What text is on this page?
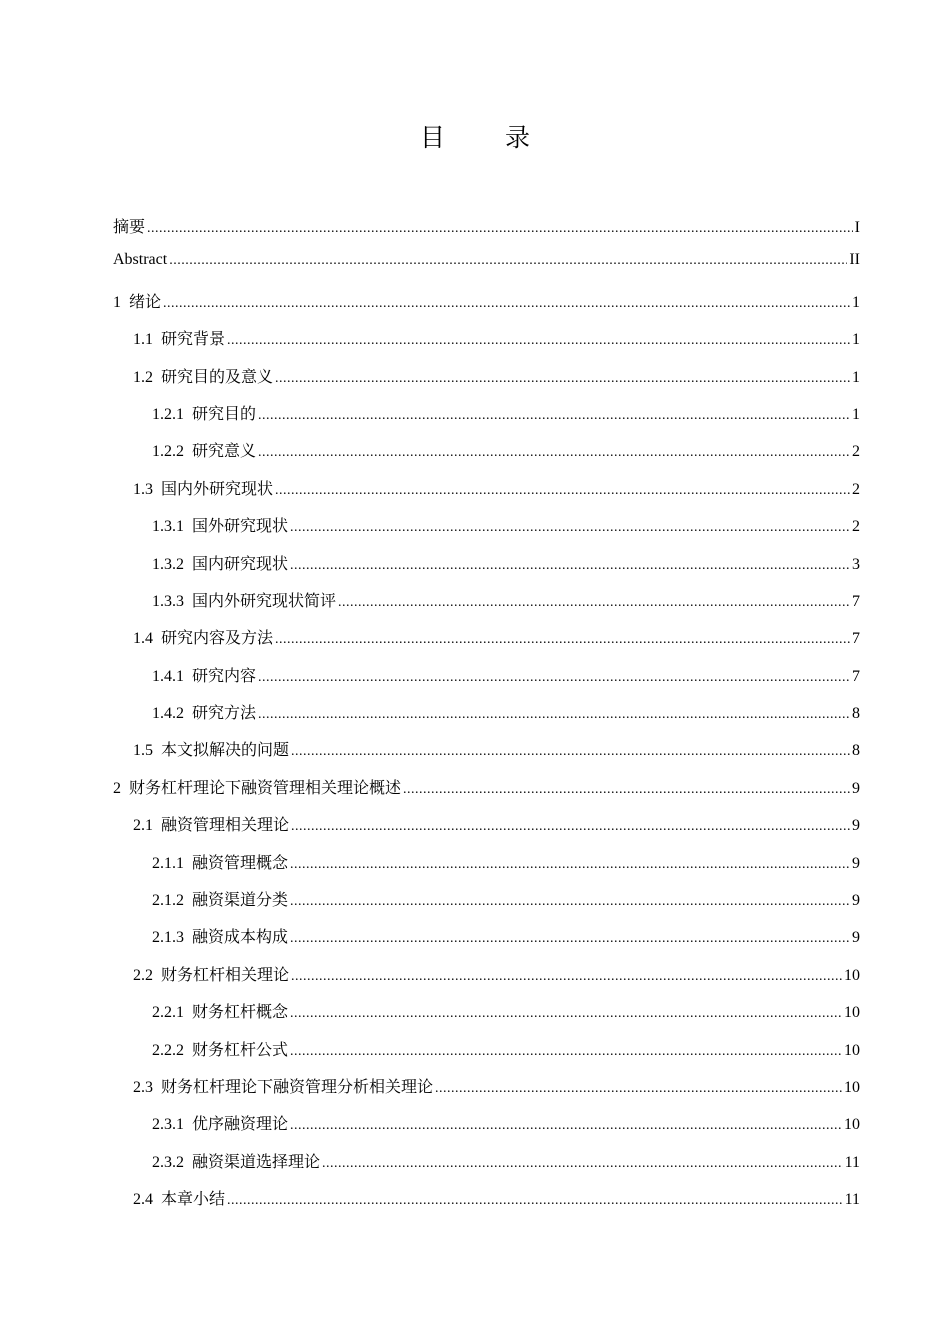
目 录
摘要 .....	I
Abstract .....	II
1 绪论 .....	1
1.1 研究背景 .....	1
1.2 研究目的及意义 .....	1
1.2.1 研究目的 .....	1
1.2.2 研究意义 .....	2
1.3 国内外研究现状 .....	2
1.3.1 国外研究现状 .....	2
1.3.2 国内研究现状 .....	3
1.3.3 国内外研究现状简评 .....	7
1.4 研究内容及方法 .....	7
1.4.1 研究内容 .....	7
1.4.2 研究方法 .....	8
1.5 本文拟解决的问题 .....	8
2 财务杠杆理论下融资管理相关理论概述 .....	9
2.1 融资管理相关理论 .....	9
2.1.1 融资管理概念 .....	9
2.1.2 融资渠道分类 .....	9
2.1.3 融资成本构成 .....	9
2.2 财务杠杆相关理论 .....	10
2.2.1 财务杠杆概念 .....	10
2.2.2 财务杠杆公式 .....	10
2.3 财务杠杆理论下融资管理分析相关理论 .....	10
2.3.1 优序融资理论 .....	10
2.3.2 融资渠道选择理论 .....	11
2.4 本章小结 .....	11
